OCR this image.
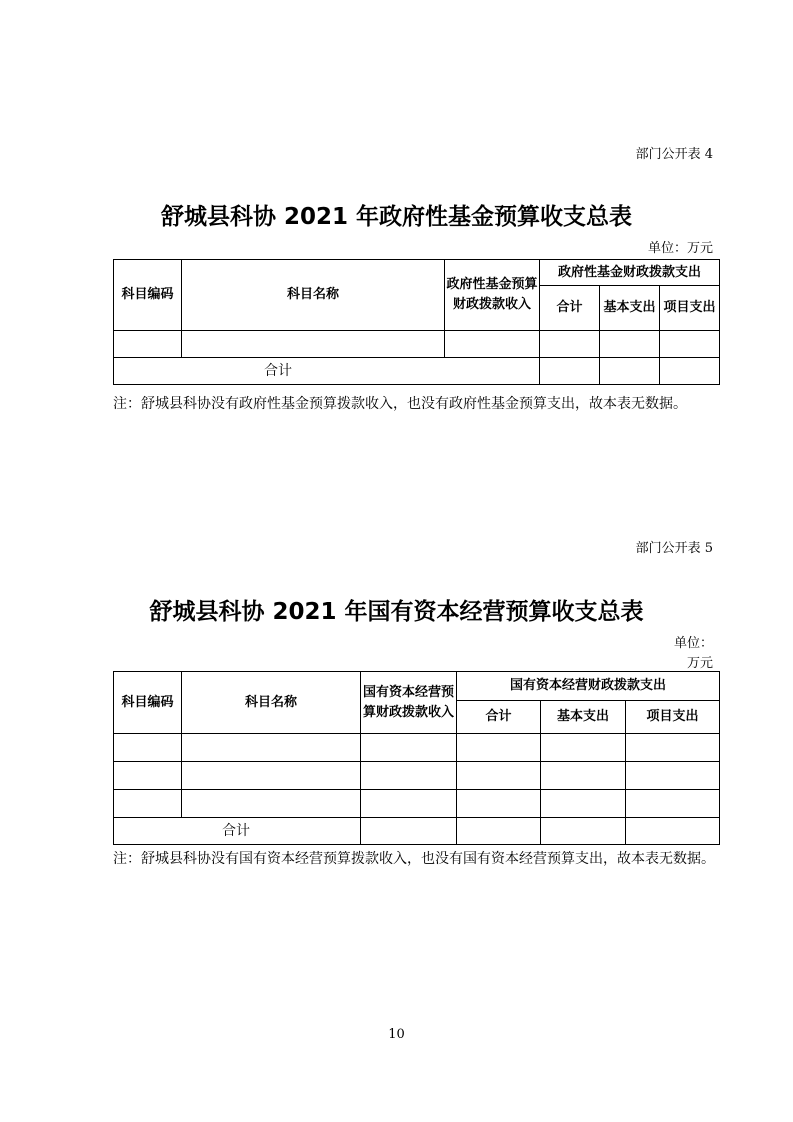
部门公开表 4
舒城县科协 2021 年政府性基金预算收支总表
单位：万元
科目编码	科目名称	政府性基金预算财政拨款收入	政府性基金财政拨款支出		
			合计	基本支出	项目支出

合计					
注：舒城县科协没有政府性基金预算拨款收入，也没有政府性基金预算支出，故本表无数据。
部门公开表 5
舒城县科协 2021 年国有资本经营预算收支总表
单位：
万元
科目编码	科目名称	国有资本经营预算财政拨款收入	国有资本经营财政拨款支出		
			合计	基本支出	项目支出

合计					
注：舒城县科协没有国有资本经营预算拨款收入，也没有国有资本经营预算支出，故本表无数据。
10
